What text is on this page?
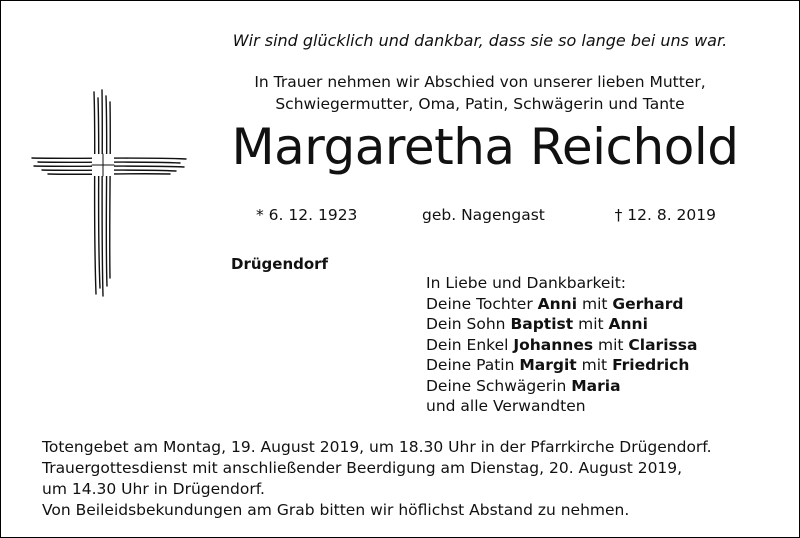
Wir sind glücklich und dankbar, dass sie so lange bei uns war.
In Trauer nehmen wir Abschied von unserer lieben Mutter,
Schwiegermutter, Oma, Patin, Schwägerin und Tante
Margaretha Reichold
* 6. 12. 1923	geb. Nagengast	† 12. 8. 2019
Drügendorf
In Liebe und Dankbarkeit:
Deine Tochter Anni mit Gerhard
Dein Sohn Baptist mit Anni
Dein Enkel Johannes mit Clarissa
Deine Patin Margit mit Friedrich
Deine Schwägerin Maria
und alle Verwandten
Totengebet am Montag, 19. August 2019, um 18.30 Uhr in der Pfarrkirche Drügendorf.
Trauergottesdienst mit anschließender Beerdigung am Dienstag, 20. August 2019,
um 14.30 Uhr in Drügendorf.
Von Beileidsbekundungen am Grab bitten wir höflichst Abstand zu nehmen.
